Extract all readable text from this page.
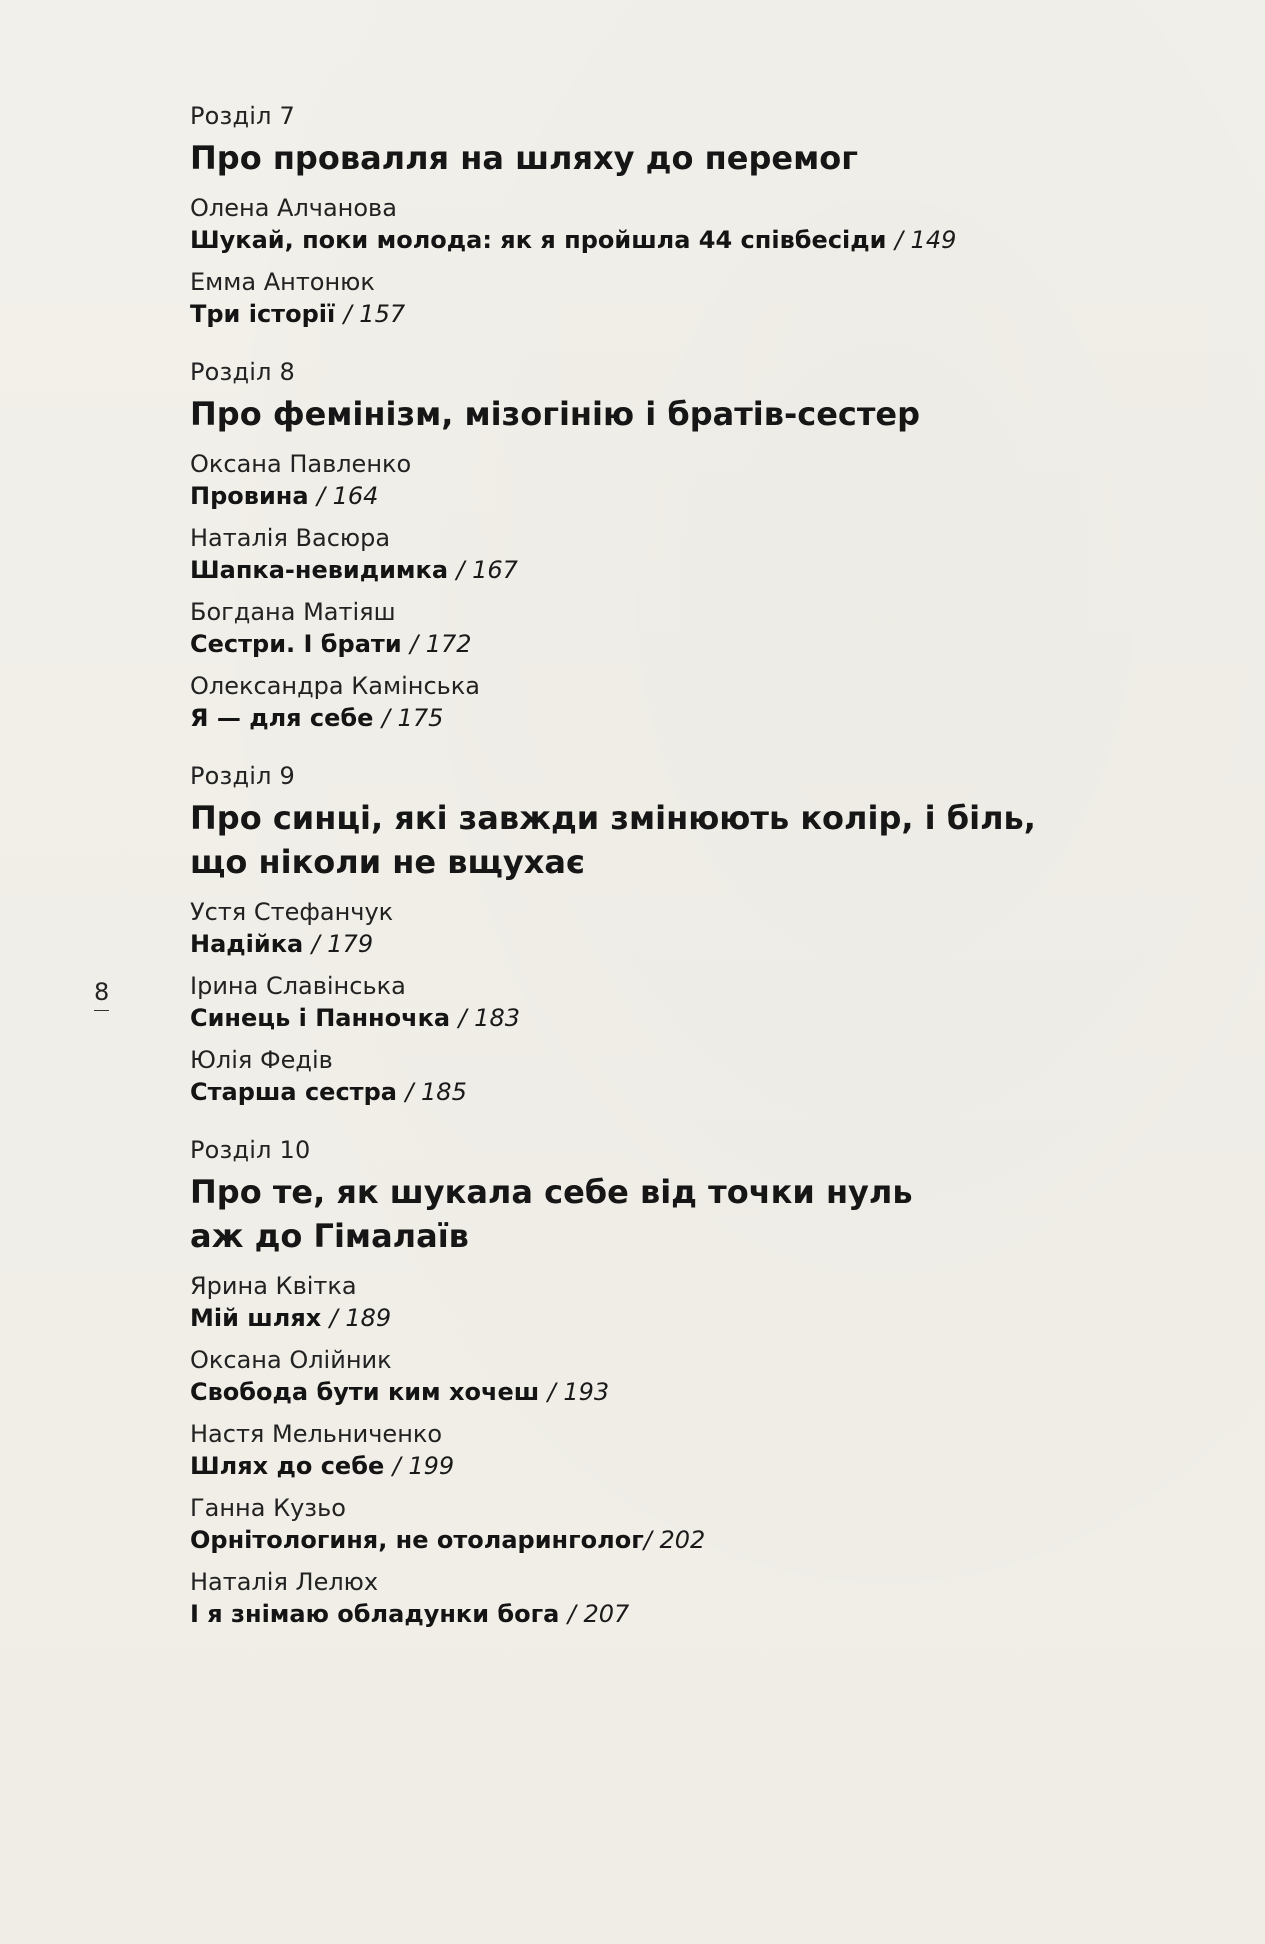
8
Розділ 7
Про провалля на шляху до перемог
Олена Алчанова
Шукай, поки молода: як я пройшла 44 співбесіди / 149
Емма Антонюк
Три історії / 157
Розділ 8
Про фемінізм, мізогінію і братів-сестер
Оксана Павленко
Провина / 164
Наталія Васюра
Шапка-невидимка / 167
Богдана Матіяш
Сестри. І брати / 172
Олександра Камінська
Я — для себе / 175
Розділ 9
Про синці, які завжди змінюють колір, і біль,
що ніколи не вщухає
Устя Стефанчук
Надійка / 179
Ірина Славінська
Синець і Панночка / 183
Юлія Федів
Старша сестра / 185
Розділ 10
Про те, як шукала себе від точки нуль
аж до Гімалаїв
Ярина Квітка
Мій шлях / 189
Оксана Олійник
Свобода бути ким хочеш / 193
Настя Мельниченко
Шлях до себе / 199
Ганна Кузьо
Орнітологиня, не отоларинголог/ 202
Наталія Лелюх
І я знімаю обладунки бога / 207
